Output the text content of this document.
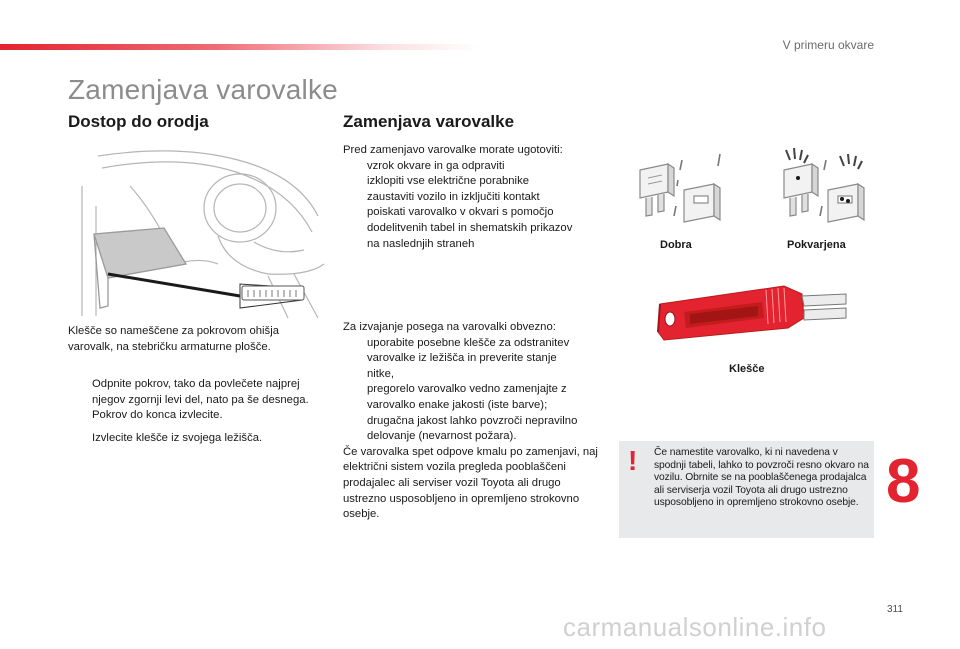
V primeru okvare
Zamenjava varovalke
Dostop do orodja
Klešče so nameščene za pokrovom ohišja varovalk, na stebričku armaturne plošče.
Odpnite pokrov, tako da povlečete najprej njegov zgornji levi del, nato pa še desnega.
Pokrov do konca izvlecite.
Izvlecite klešče iz svojega ležišča.
Zamenjava varovalke
Pred zamenjavo varovalke morate ugotoviti:
vzrok okvare in ga odpraviti
izklopiti vse električne porabnike
zaustaviti vozilo in izključiti kontakt
poiskati varovalko v okvari s pomočjo dodelitvenih tabel in shematskih prikazov na naslednjih straneh
Za izvajanje posega na varovalki obvezno:
uporabite posebne klešče za odstranitev varovalke iz ležišča in preverite stanje nitke,
pregorelo varovalko vedno zamenjajte z varovalko enake jakosti (iste barve); drugačna jakost lahko povzroči nepravilno delovanje (nevarnost požara).
Če varovalka spet odpove kmalu po zamenjavi, naj električni sistem vozila pregleda pooblaščeni prodajalec ali serviser vozil Toyota ali drugo ustrezno usposobljeno in opremljeno strokovno osebje.
Dobra	Pokvarjena
Klešče
! Če namestite varovalko, ki ni navedena v spodnji tabeli, lahko to povzroči resno okvaro na vozilu. Obrnite se na pooblaščenega prodajalca ali serviserja vozil Toyota ali drugo ustrezno usposobljeno in opremljeno strokovno osebje. 8
311
carmanualsonline.info
